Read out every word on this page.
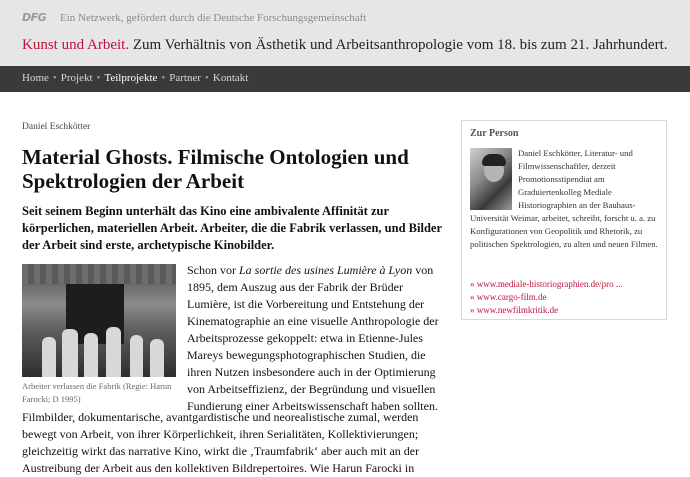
DFG Ein Netzwerk, gefördert durch die Deutsche Forschungsgemeinschaft
Kunst und Arbeit. Zum Verhältnis von Ästhetik und Arbeitsanthropologie vom 18. bis zum 21. Jahrhundert.
Home • Projekt • Teilprojekte • Partner • Kontakt
Daniel Eschkötter
Material Ghosts. Filmische Ontologien und Spektrologien der Arbeit

Seit seinem Beginn unterhält das Kino eine ambivalente Affinität zur körperlichen, materiellen Arbeit. Arbeiter, die die Fabrik verlassen, und Bilder der Arbeit sind erste, archetypische Kinobilder.

Arbeiter verlassen die Fabrik (Regie: Harun Farocki; D 1995)

Schon vor La sortie des usines Lumière à Lyon von 1895, dem Auszug aus der Fabrik der Brüder Lumière, ist die Vorbereitung und Entstehung der Kinematographie an eine visuelle Anthropologie der Arbeitsprozesse gekoppelt: etwa in Etienne-Jules Mareys bewegungsphotographischen Studien, die ihren Nutzen insbesondere auch in der Optimierung von Arbeitseffizienz, der Begründung und visuellen Fundierung einer Arbeitswissenschaft haben sollten.

Filmbilder, dokumentarische, avantgardistische und neorealistische zumal, werden bewegt von Arbeit, von ihrer Körperlichkeit, ihren Serialitäten, Kollektivierungen; gleichzeitig wirkt das narrative Kino, wirkt die ‚Traumfabrik‘ aber auch mit an der Austreibung der Arbeit aus den kollektiven Bildrepertoires. Wie Harun Farocki in

Zur Person

Daniel Eschkötter, Literatur- und Filmwissenschaftler, derzeit Promotionsstipendiat am Graduiertenkolleg Mediale Historiographien an der Bauhaus-

Universität Weimar, arbeitet, schreibt, forscht u. a. zu Konfigurationen von Geopolitik und Rhetorik, zu politischen Spektrologien, zu alten und neuen Filmen.

» www.mediale-historiographien.de/pro ...
» www.cargo-film.de
» www.newfilmkritik.de
